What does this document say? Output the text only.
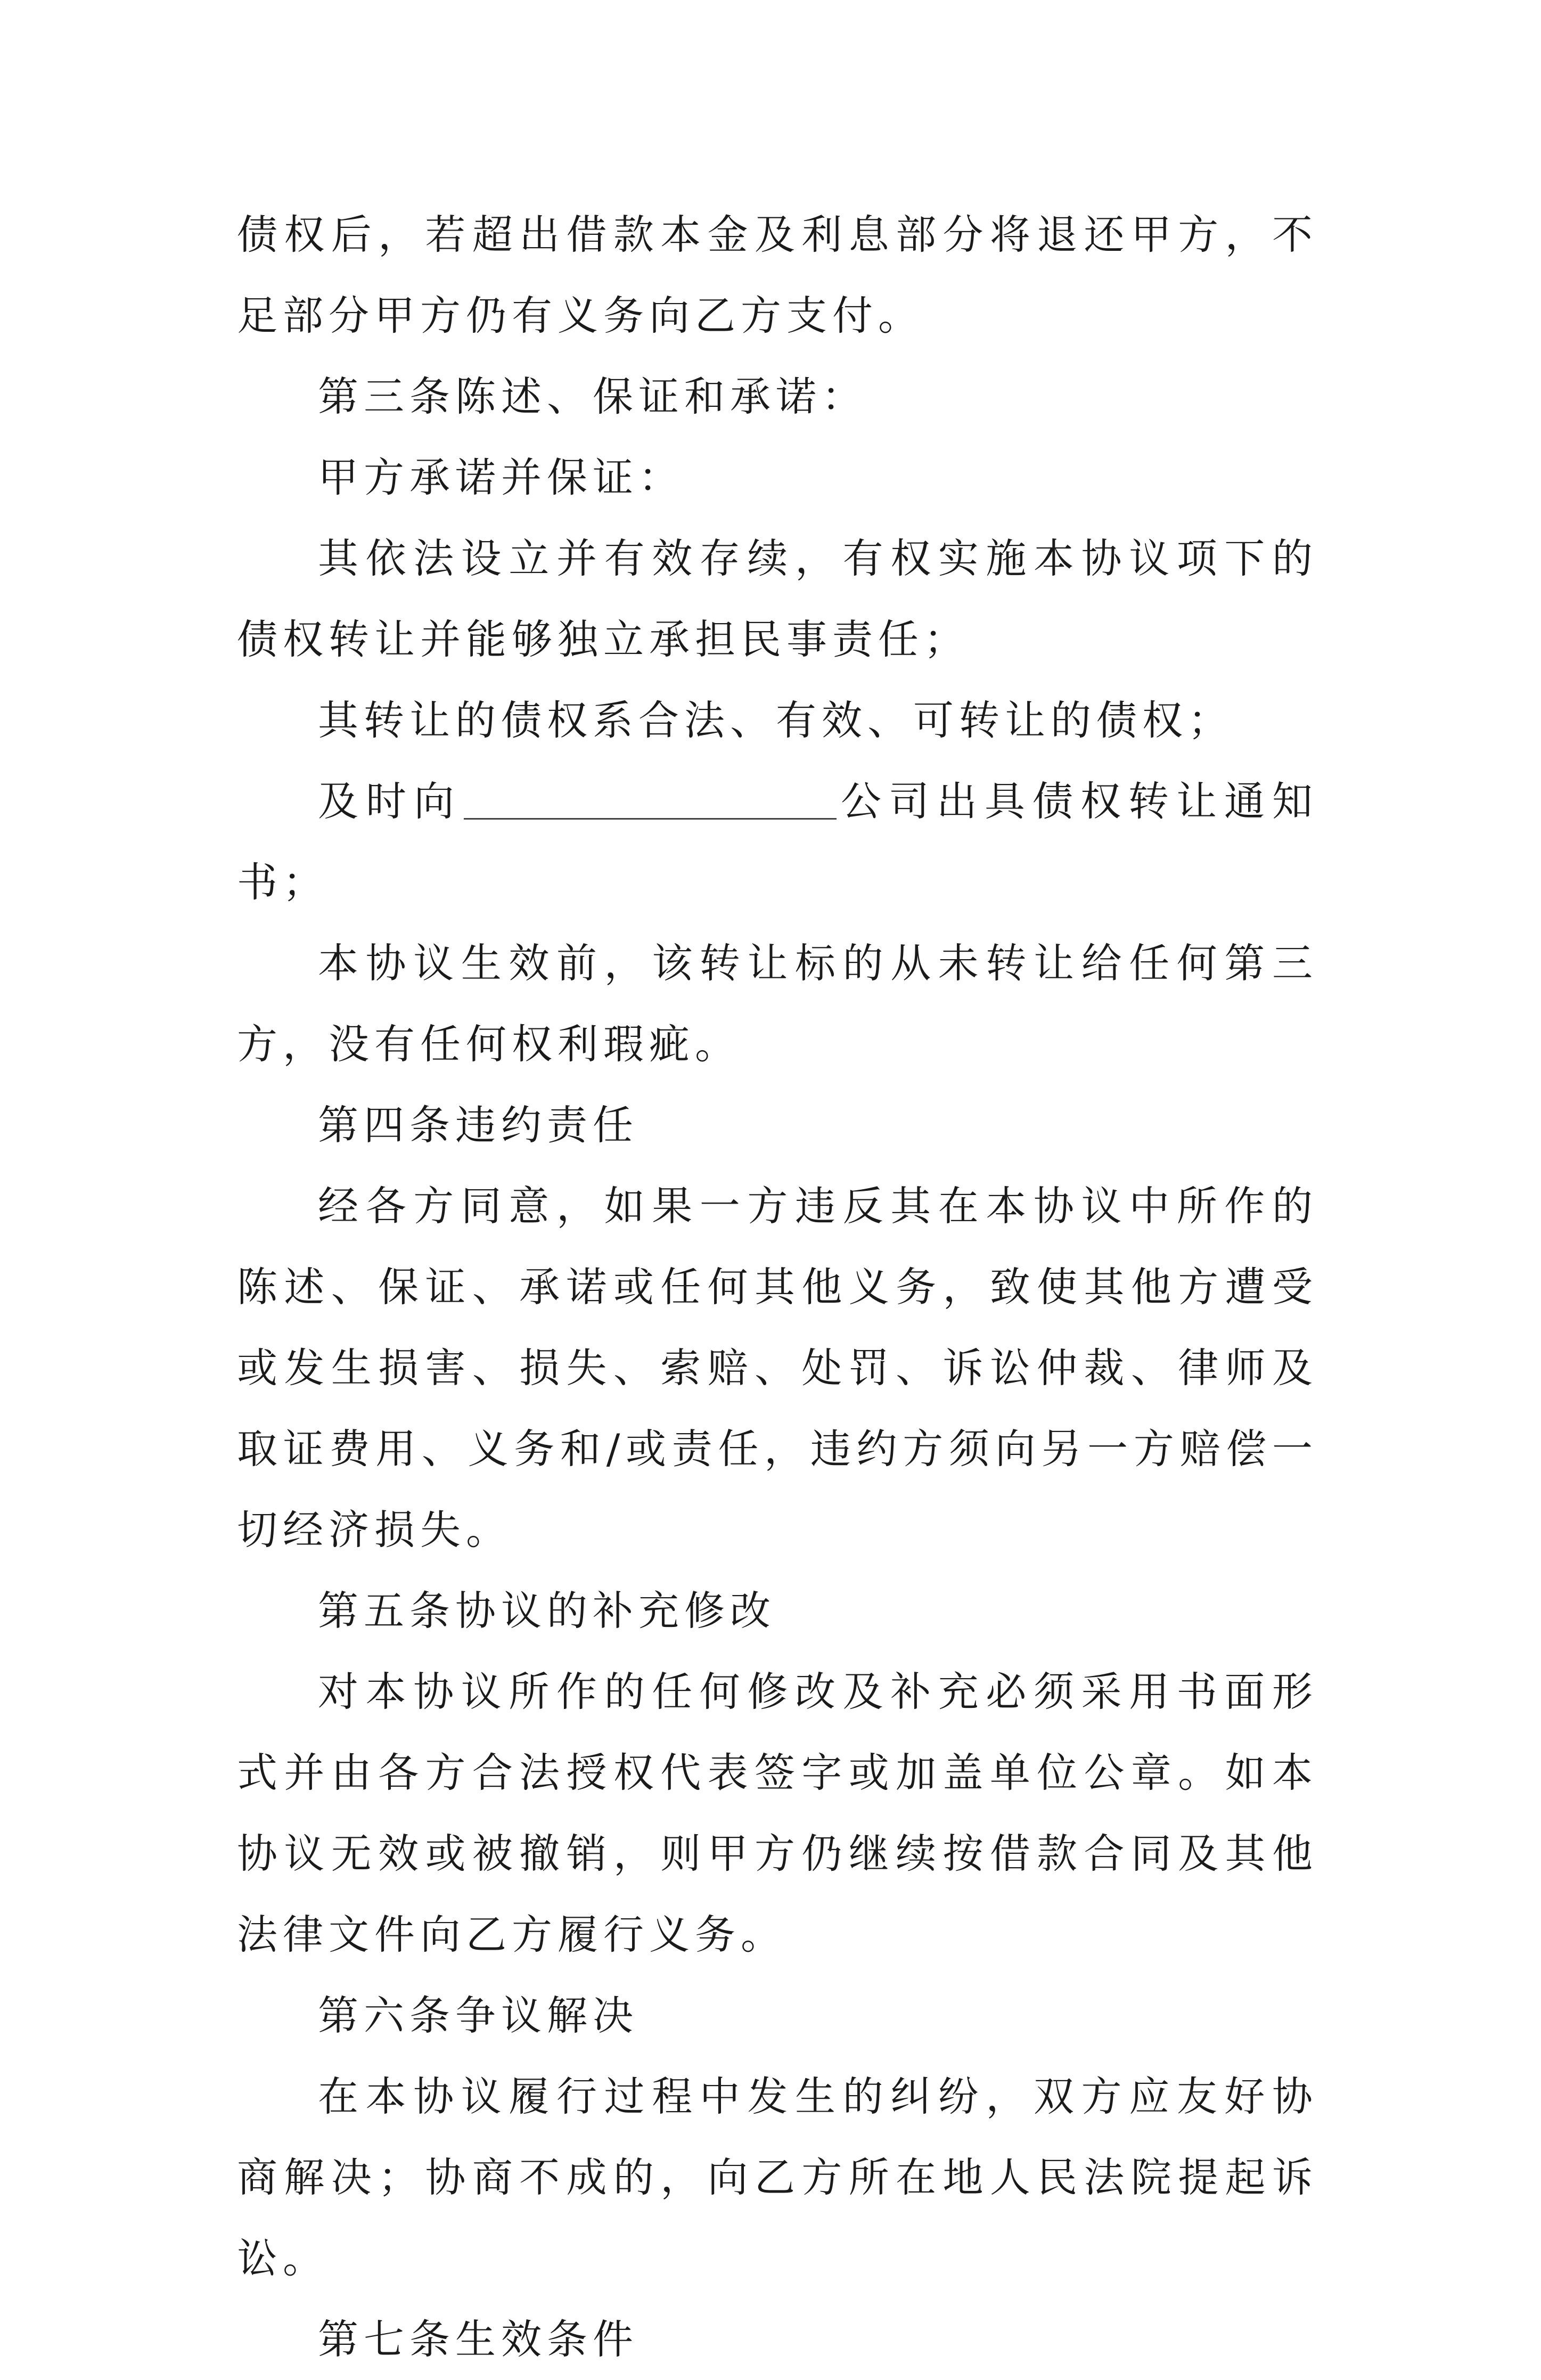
债权后，若超出借款本金及利息部分将退还甲方，不足部分甲方仍有义务向乙方支付。

第三条陈述、保证和承诺：

甲方承诺并保证：

其依法设立并有效存续，有权实施本协议项下的债权转让并能够独立承担民事责任；

其转让的债权系合法、有效、可转让的债权；

及时向	公司出具债权转让通知书；

本协议生效前，该转让标的从未转让给任何第三方，没有任何权利瑕疵。

第四条违约责任

经各方同意，如果一方违反其在本协议中所作的陈述、保证、承诺或任何其他义务，致使其他方遭受或发生损害、损失、索赔、处罚、诉讼仲裁、律师及取证费用、义务和/或责任，违约方须向另一方赔偿一切经济损失。

第五条协议的补充修改

对本协议所作的任何修改及补充必须采用书面形式并由各方合法授权代表签字或加盖单位公章。如本协议无效或被撤销，则甲方仍继续按借款合同及其他法律文件向乙方履行义务。

第六条争议解决

在本协议履行过程中发生的纠纷，双方应友好协商解决；协商不成的，向乙方所在地人民法院提起诉讼。

第七条生效条件
